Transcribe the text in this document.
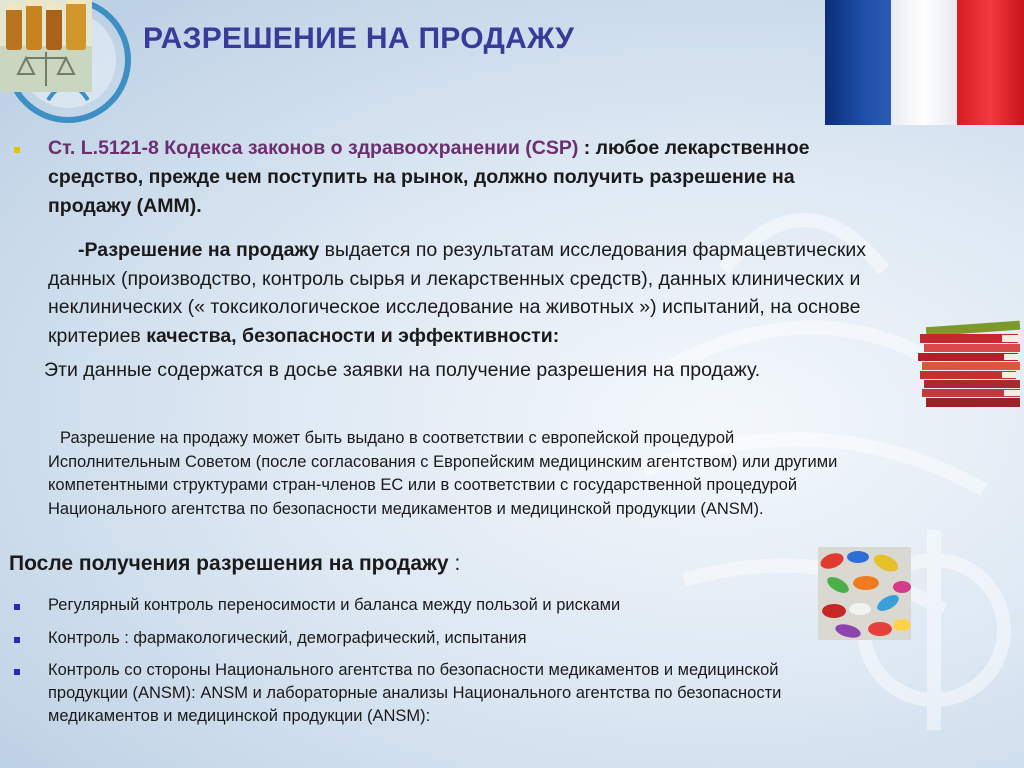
РАЗРЕШЕНИЕ НА ПРОДАЖУ
Ст. L.5121-8 Кодекса законов о здравоохранении (CSP) : любое лекарственное
средство, прежде чем поступить на рынок, должно получить разрешение на
продажу (АММ).
-Разрешение на продажу выдается по результатам исследования фармацевтических
данных (производство, контроль сырья и лекарственных средств), данных клинических и
неклинических (« токсикологическое исследование на животных ») испытаний, на основе
критериев качества, безопасности и эффективности:
Эти данные содержатся в досье заявки на получение разрешения на продажу.
Разрешение на продажу может быть выдано в соответствии с европейской процедурой
Исполнительным Советом (после согласования с Европейским медицинским агентством) или другими
компетентными структурами стран-членов ЕС или в соответствии с государственной процедурой
Национального агентства по безопасности медикаментов и медицинской продукции (ANSM).
После получения разрешения на продажу :
Регулярный контроль переносимости и баланса между пользой и рисками
Контроль : фармакологический, демографический, испытания
Контроль со стороны Национального агентства по безопасности медикаментов и медицинской
продукции (ANSM): ANSM и лабораторные анализы Национального агентства по безопасности
медикаментов и медицинской продукции (ANSM):
